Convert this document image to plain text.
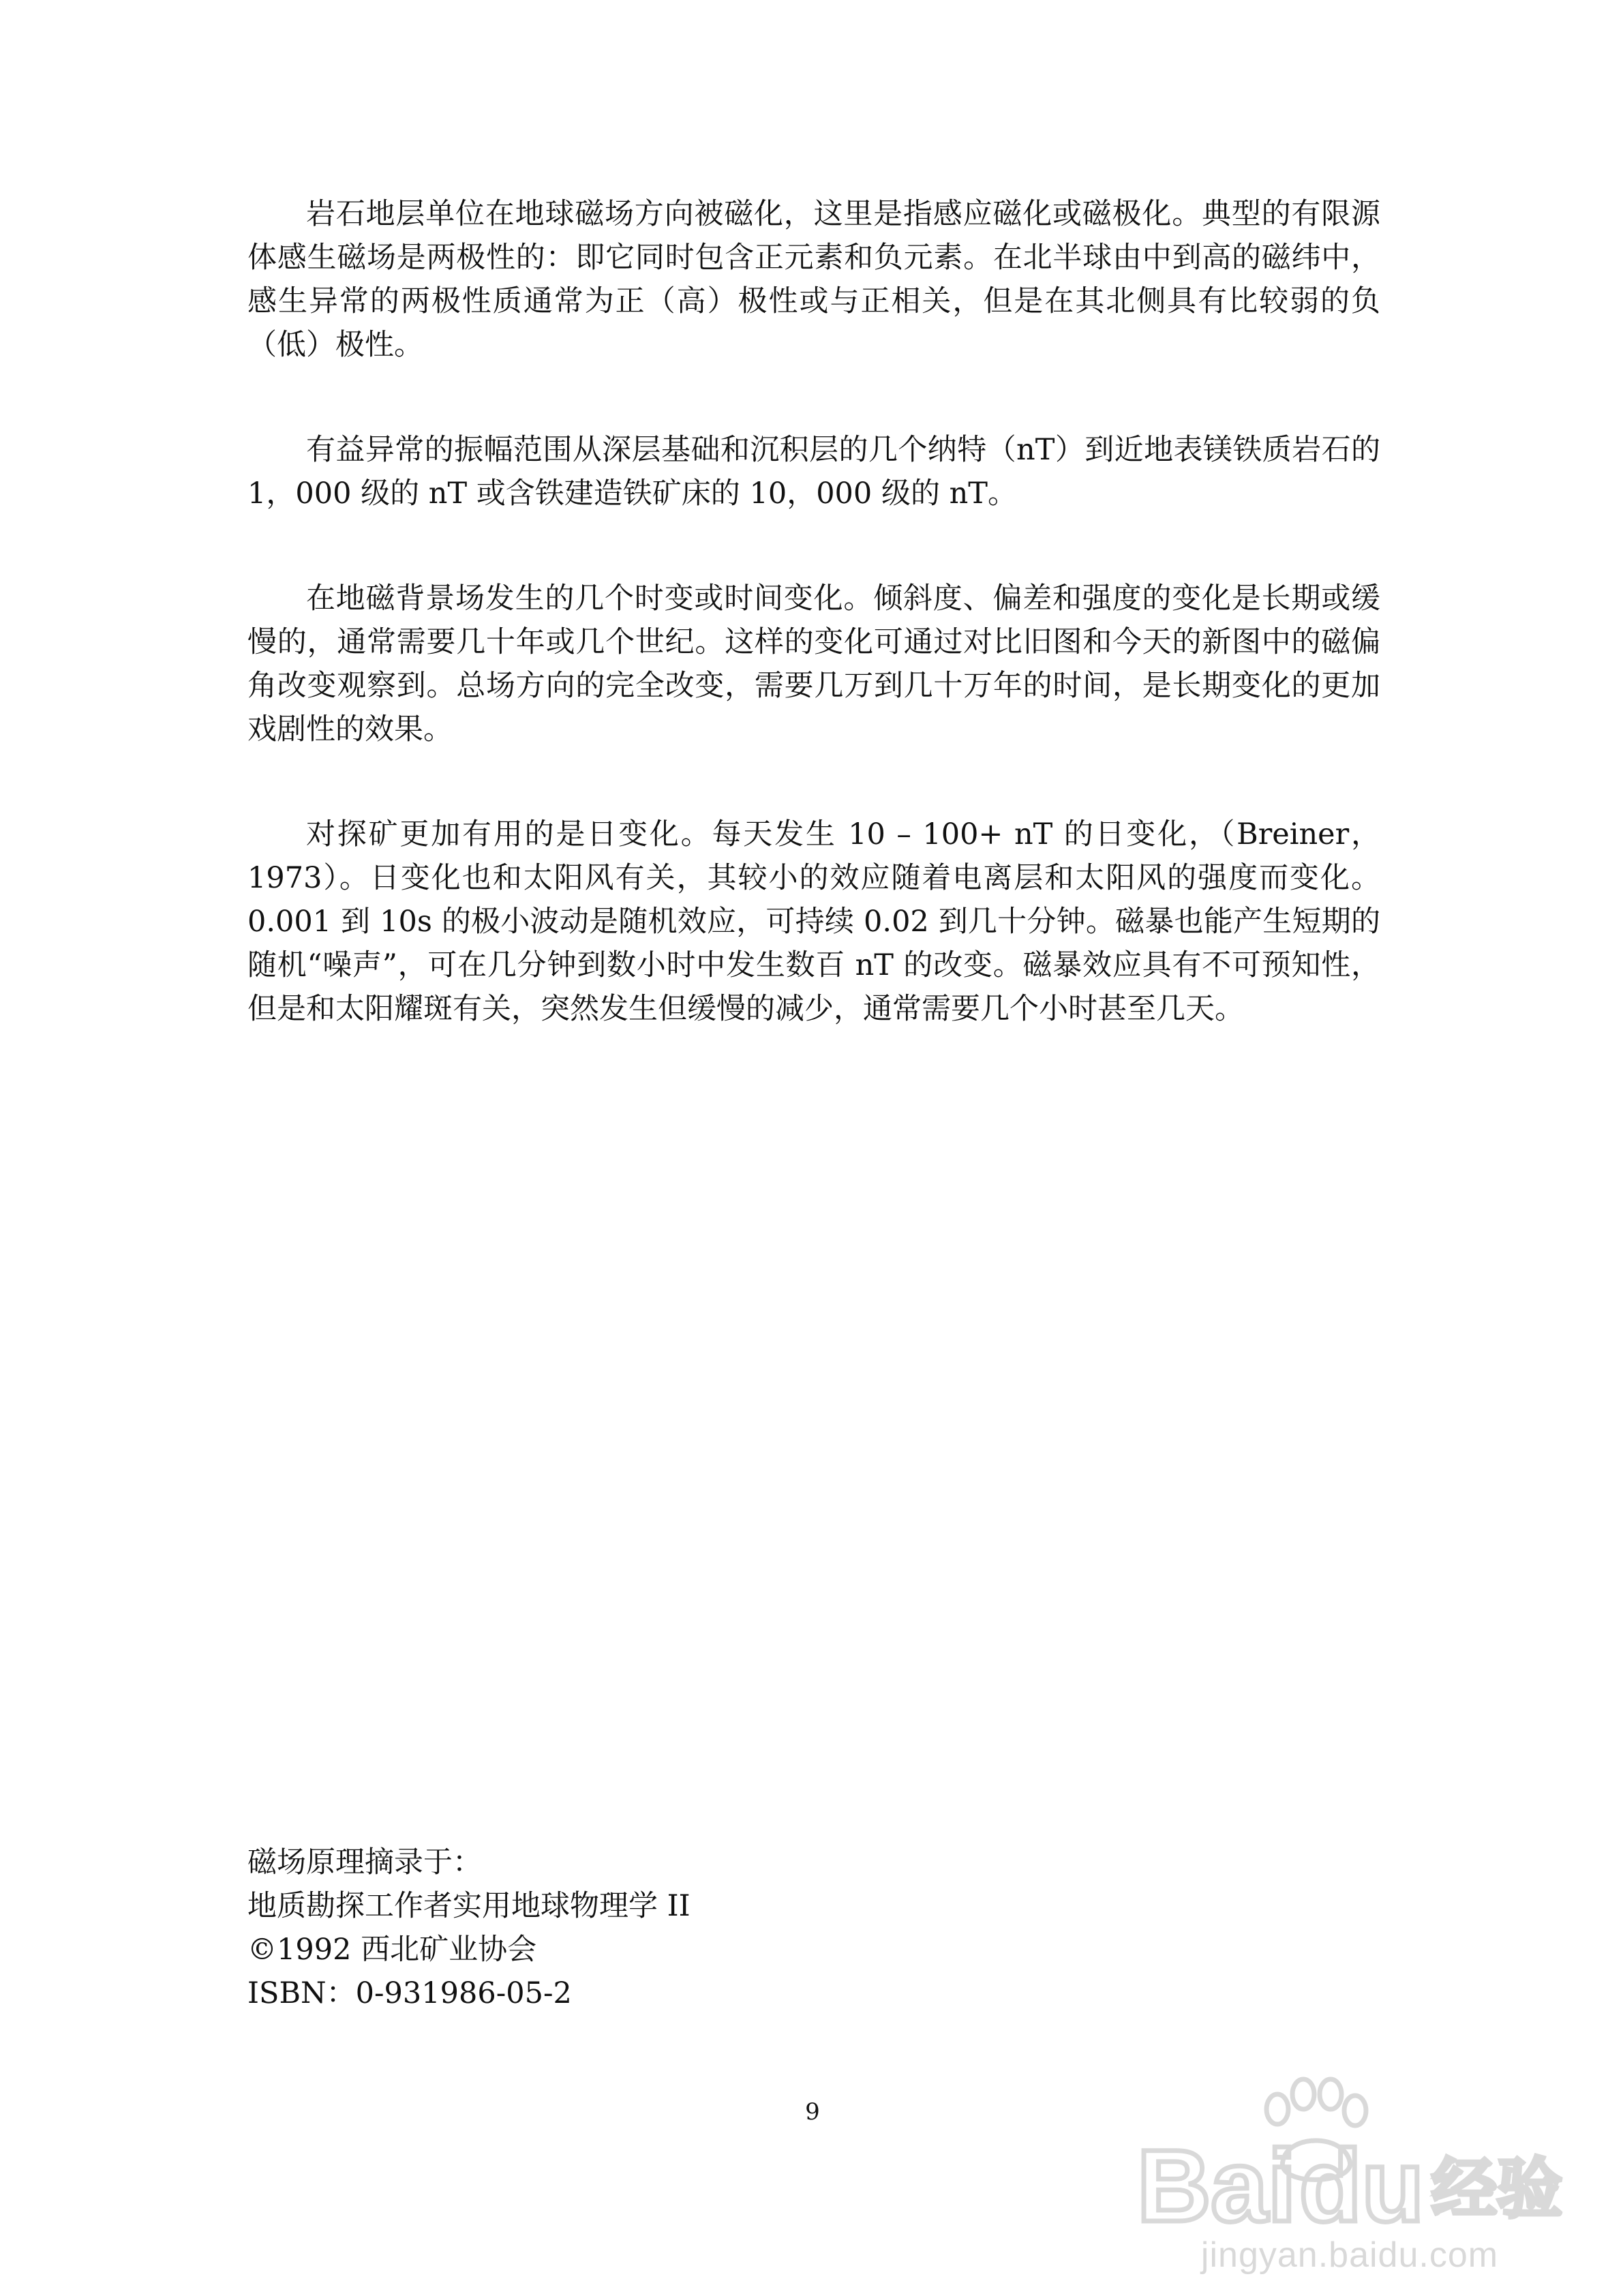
岩石地层单位在地球磁场方向被磁化，这里是指感应磁化或磁极化。典型的有限源体感生磁场是两极性的：即它同时包含正元素和负元素。在北半球由中到高的磁纬中，感生异常的两极性质通常为正（高）极性或与正相关，但是在其北侧具有比较弱的负（低）极性。

有益异常的振幅范围从深层基础和沉积层的几个纳特（nT）到近地表镁铁质岩石的 1，000 级的 nT 或含铁建造铁矿床的 10，000 级的 nT。

在地磁背景场发生的几个时变或时间变化。倾斜度、偏差和强度的变化是长期或缓慢的，通常需要几十年或几个世纪。这样的变化可通过对比旧图和今天的新图中的磁偏角改变观察到。总场方向的完全改变，需要几万到几十万年的时间，是长期变化的更加戏剧性的效果。

对探矿更加有用的是日变化。每天发生 10 – 100+ nT 的日变化，（Breiner，1973）。日变化也和太阳风有关，其较小的效应随着电离层和太阳风的强度而变化。0.001 到 10s 的极小波动是随机效应，可持续 0.02 到几十分钟。磁暴也能产生短期的随机“噪声”，可在几分钟到数小时中发生数百 nT 的改变。磁暴效应具有不可预知性，但是和太阳耀斑有关，突然发生但缓慢的减少，通常需要几个小时甚至几天。

磁场原理摘录于：
地质勘探工作者实用地球物理学 II
©1992 西北矿业协会
ISBN：0-931986-05-2
9
Bai du 经验
jingyan.baidu.com
